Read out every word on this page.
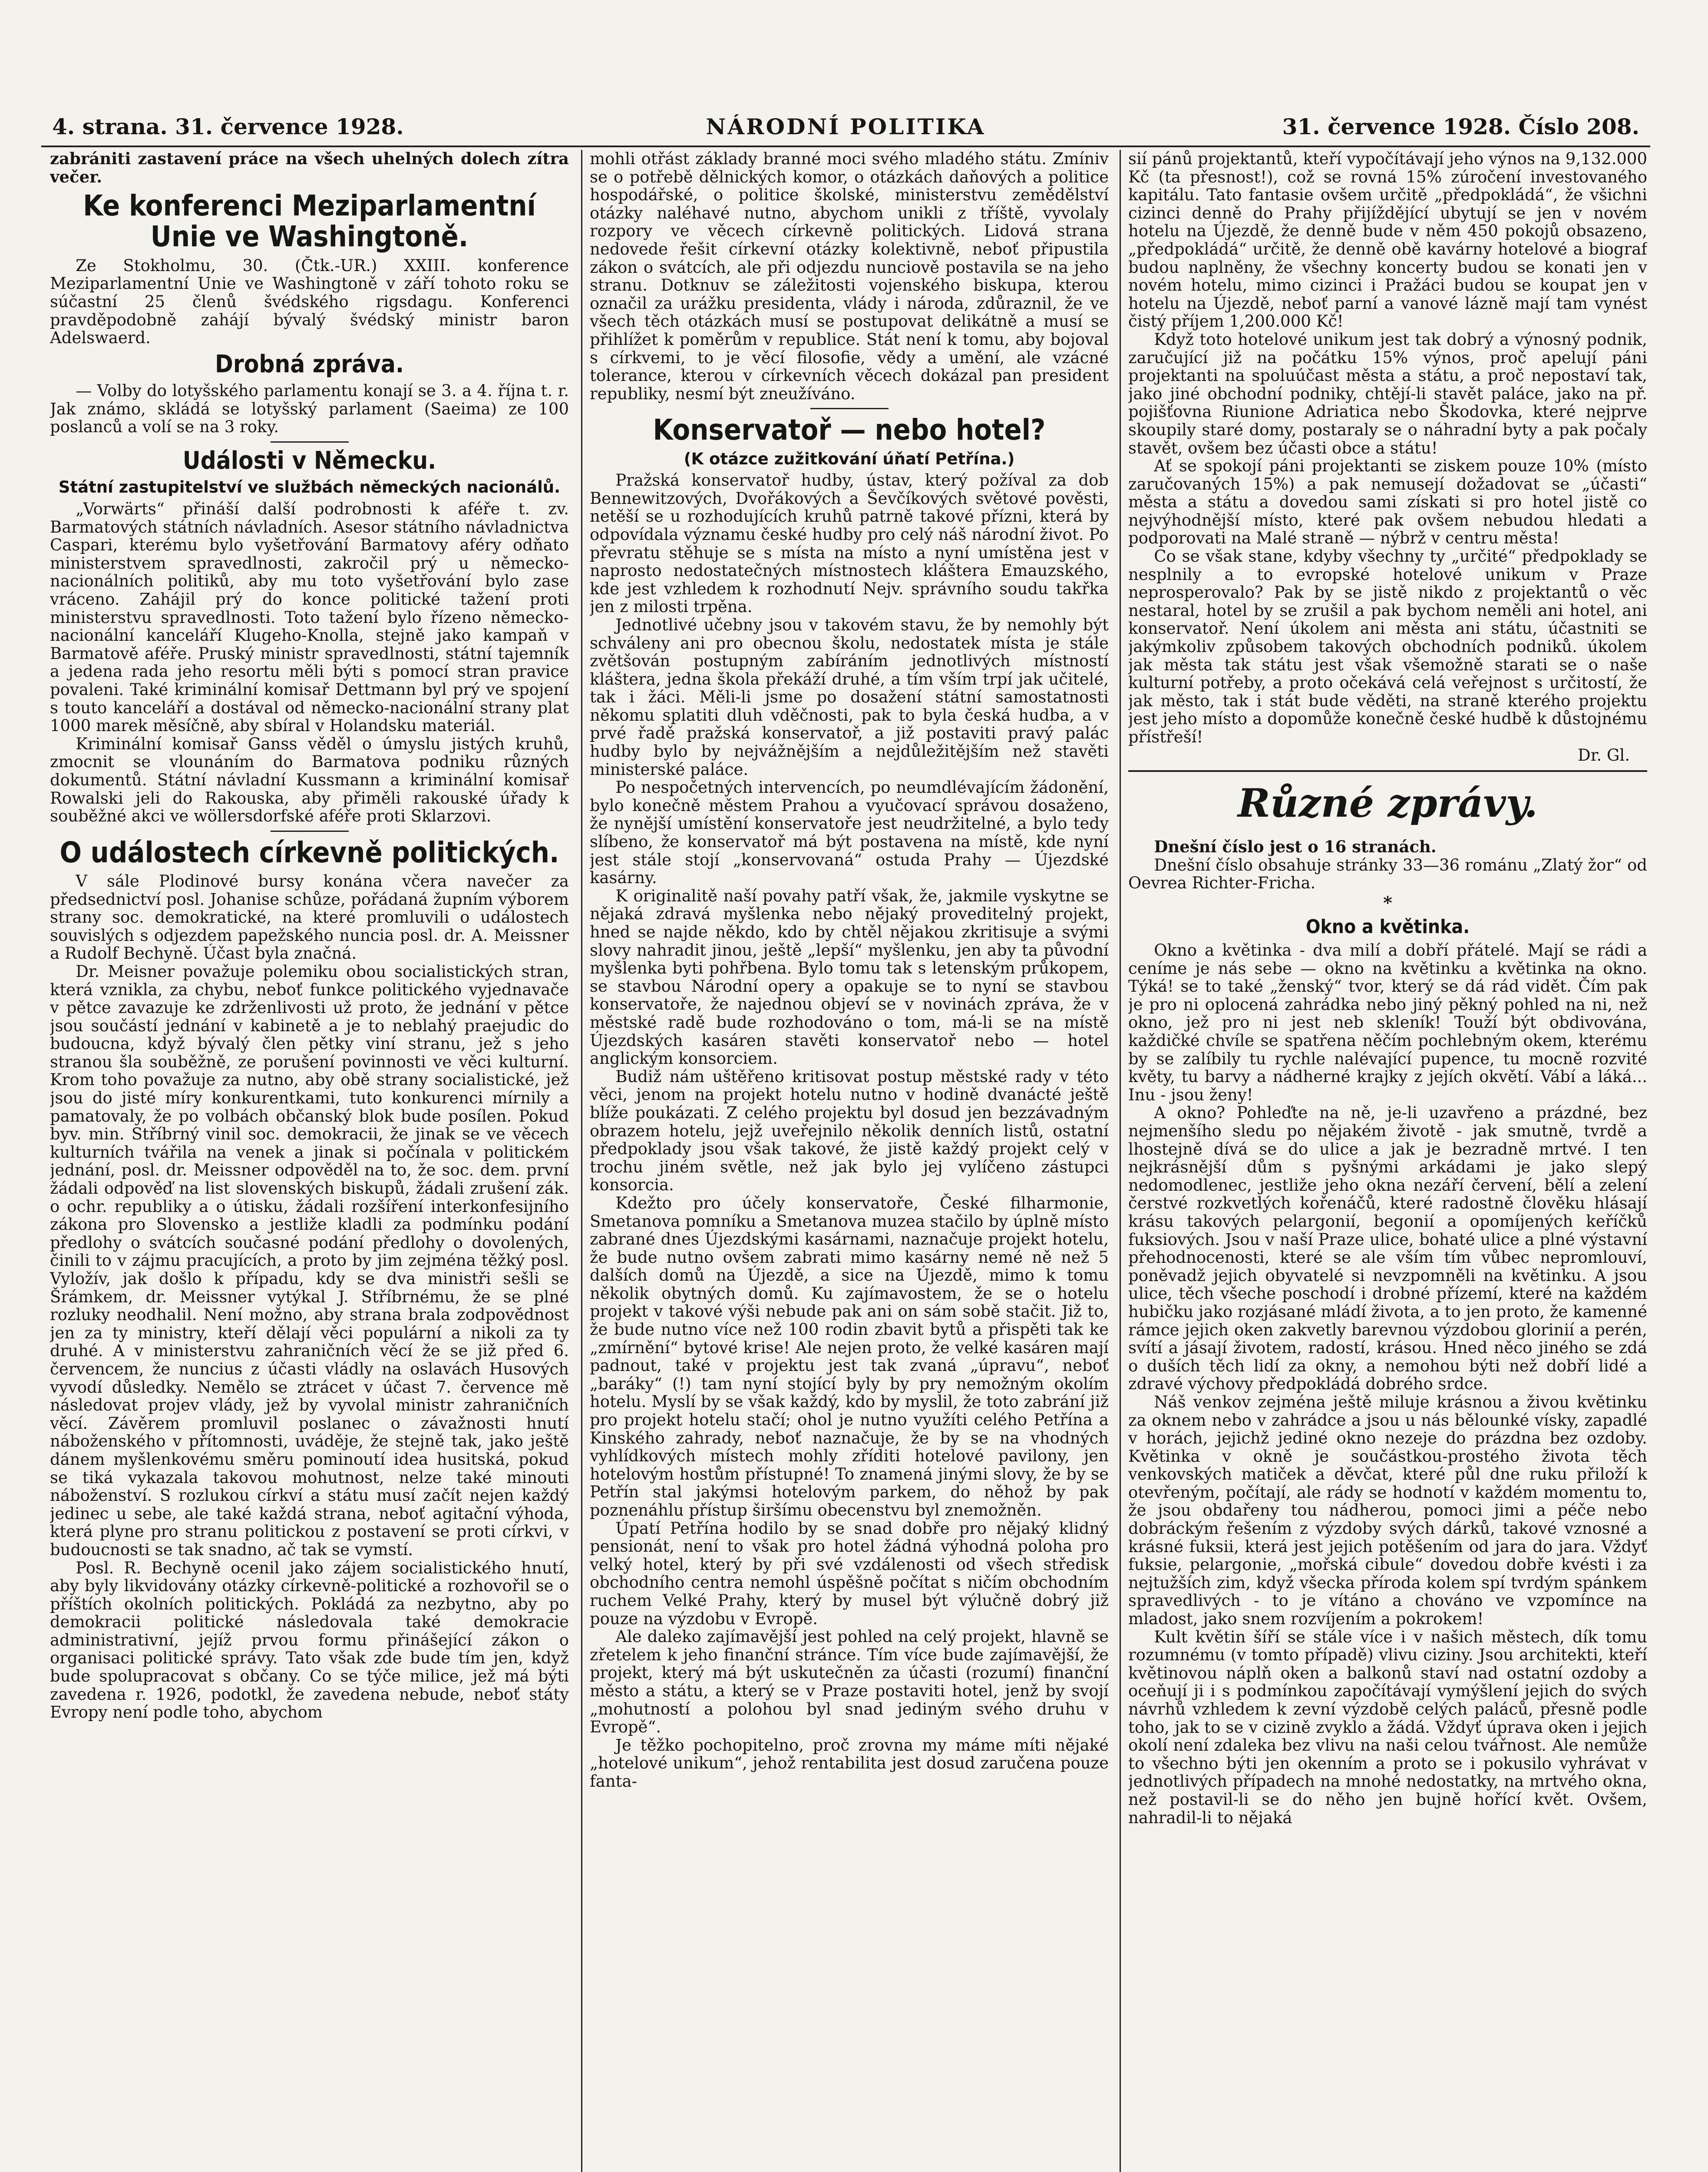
4. strana. 31. července 1928.	NÁRODNÍ POLITIKA	31. července 1928. Číslo 208.

zabrániti zastavení práce na všech uhelných dolech zítra večer.

Ke konferenci Meziparlamentní Unie ve Washingtoně.

Ze Stokholmu, 30. (Čtk.-UR.) XXIII. konference Meziparlamentní Unie ve Washingtoně v září tohoto roku se súčastní 25 členů švédského rigsdagu. Konferenci pravděpodobně zahájí bývalý švédský ministr baron Adelswaerd.

Drobná zpráva.

— Volby do lotyšského parlamentu konají se 3. a 4. října t. r. Jak známo, skládá se lotyšský parlament (Saeima) ze 100 poslanců a volí se na 3 roky.

Události v Německu.
Státní zastupitelství ve službách německých nacionálů.

„Vorwärts“ přináší další podrobnosti k aféře t. zv. Barmatových státních návladních. Asesor státního návladnictva Caspari, kterému bylo vyšetřování Barmatovy aféry odňato ministerstvem spravedlnosti, zakročil prý u německo-nacionálních politiků, aby mu toto vyšetřování bylo zase vráceno. Zahájil prý do konce politické tažení proti ministerstvu spravedlnosti. Toto tažení bylo řízeno německo-nacionální kanceláří Klugeho-Knolla, stejně jako kampaň v Barmatově aféře. Pruský ministr spravedlnosti, státní tajemník a jedena rada jeho resortu měli býti s pomocí stran pravice povaleni. Také kriminální komisař Dettmann byl prý ve spojení s touto kanceláří a dostával od německo-nacionální strany plat 1000 marek měsíčně, aby sbíral v Holandsku materiál.

Kriminální komisař Ganss věděl o úmyslu jistých kruhů, zmocnit se vlounáním do Barmatova podniku různých dokumentů. Státní návladní Kussmann a kriminální komisař Rowalski jeli do Rakouska, aby přiměli rakouské úřady k souběžné akci ve wöllersdorfské aféře proti Sklarzovi.

O událostech církevně politických.

V sále Plodinové bursy konána včera navečer za předsednictví posl. Johanise schůze, pořádaná župním výborem strany soc. demokratické, na které promluvili o událostech souvislých s odjezdem papežského nuncia posl. dr. A. Meissner a Rudolf Bechyně. Účast byla značná.

Dr. Meisner považuje polemiku obou socialistických stran, která vznikla, za chybu, neboť funkce politického vyjednavače v pětce zavazuje ke zdrženlivosti už proto, že jednání v pětce jsou součástí jednání v kabinetě a je to neblahý praejudic do budoucna, když bývalý člen pětky viní stranu, jež s jeho stranou šla souběžně, ze porušení povinnosti ve věci kulturní. Krom toho považuje za nutno, aby obě strany socialistické, jež jsou do jisté míry konkurentkami, tuto konkurenci mírnily a pamatovaly, že po volbách občanský blok bude posílen. Pokud byv. min. Stříbrný vinil soc. demokracii, že jinak se ve věcech kulturních tvářila na venek a jinak si počínala v politickém jednání, posl. dr. Meissner odpověděl na to, že soc. dem. první žádali odpověď na list slovenských biskupů, žádali zrušení zák. o ochr. republiky a o útisku, žádali rozšíření interkonfesijního zákona pro Slovensko a jestliže kladli za podmínku podání předlohy o svátcích současné podání předlohy o dovolených, činili to v zájmu pracujících, a proto by jim zejména těžký posl. Vyložív, jak došlo k případu, kdy se dva ministři sešli se Šrámkem, dr. Meissner vytýkal J. Stříbrnému, že se plné rozluky neodhalil. Není možno, aby strana brala zodpovědnost jen za ty ministry, kteří dělají věci populární a nikoli za ty druhé. A v ministerstvu zahraničních věcí že se již před 6. červencem, že nuncius z účasti vládly na oslavách Husových vyvodí důsledky. Nemělo se ztrácet v účast 7. července mě následovat projev vlády, jež by vyvolal ministr zahraničních věcí. Závěrem promluvil poslanec o závažnosti hnutí náboženského v přítomnosti, uváděje, že stejně tak, jako ještě dánem myšlenkovému směru pominoutí idea husitská, pokud se tiká vykazala takovou mohutnost, nelze také minouti náboženství. S rozlukou církví a státu musí začít nejen každý jedinec u sebe, ale také každá strana, neboť agitační výhoda, která plyne pro stranu politickou z postavení se proti církvi, v budoucnosti se tak snadno, ač tak se vymstí.

Posl. R. Bechyně ocenil jako zájem socialistického hnutí, aby byly likvidovány otázky církevně-politické a rozhovořil se o příštích okolních politických. Pokládá za nezbytno, aby po demokracii politické následovala také demokracie administrativní, jejíž prvou formu přinášející zákon o organisaci politické správy. Tato však zde bude tím jen, když bude spolupracovat s občany. Co se týče milice, jež má býti zavedena r. 1926, podotkl, že zavedena nebude, neboť státy Evropy není podle toho, abychom

mohli otřást základy branné moci svého mladého státu. Zmíniv se o potřebě dělnických komor, o otázkách daňových a politice hospodářské, o politice školské, ministerstvu zemědělství otázky naléhavé nutno, abychom unikli z tříště, vyvolaly rozpory ve věcech církevně politických. Lidová strana nedovede řešit církevní otázky kolektivně, neboť připustila zákon o svátcích, ale při odjezdu nunciově postavila se na jeho stranu. Dotknuv se záležitosti vojenského biskupa, kterou označil za urážku presidenta, vlády i národa, zdůraznil, že ve všech těch otázkách musí se postupovat delikátně a musí se přihlížet k poměrům v republice. Stát není k tomu, aby bojoval s církvemi, to je věcí filosofie, vědy a umění, ale vzácné tolerance, kterou v církevních věcech dokázal pan president republiky, nesmí být zneužíváno.

Konservatoř — nebo hotel?
(K otázce zužitkování úňatí Petřína.)

Pražská konservatoř hudby, ústav, který požíval za dob Bennewitzových, Dvořákových a Ševčíkových světové pověsti, netěší se u rozhodujících kruhů patrně takové přízni, která by odpovídala významu české hudby pro celý náš národní život. Po převratu stěhuje se s místa na místo a nyní umístěna jest v naprosto nedostatečných místnostech kláštera Emauzského, kde jest vzhledem k rozhodnutí Nejv. správního soudu takřka jen z milosti trpěna.

Jednotlivé učebny jsou v takovém stavu, že by nemohly být schváleny ani pro obecnou školu, nedostatek místa je stále zvětšován postupným zabíráním jednotlivých místností kláštera, jedna škola překáží druhé, a tím vším trpí jak učitelé, tak i žáci. Měli-li jsme po dosažení státní samostatnosti někomu splatiti dluh vděčnosti, pak to byla česká hudba, a v prvé řadě pražská konservatoř, a již postaviti pravý palác hudby bylo by nejvážnějším a nejdůležitějším než stavěti ministerské paláce.

Po nespočetných intervencích, po neumdlévajícím žádonění, bylo konečně městem Prahou a vyučovací správou dosaženo, že nynější umístění konservatoře jest neudržitelné, a bylo tedy slíbeno, že konservatoř má být postavena na místě, kde nyní jest stále stojí „konservovaná“ ostuda Prahy — Újezdské kasárny.

K originalitě naší povahy patří však, že, jakmile vyskytne se nějaká zdravá myšlenka nebo nějaký proveditelný projekt, hned se najde někdo, kdo by chtěl nějakou zkritisuje a svými slovy nahradit jinou, ještě „lepší“ myšlenku, jen aby ta původní myšlenka byti pohřbena. Bylo tomu tak s letenským průkopem, se stavbou Národní opery a opakuje se to nyní se stavbou konservatoře, že najednou objeví se v novinách zpráva, že v městské radě bude rozhodováno o tom, má-li se na místě Újezdských kasáren stavěti konservatoř nebo — hotel anglickým konsorciem.

Budiž nám uštěřeno kritisovat postup městské rady v této věci, jenom na projekt hotelu nutno v hodině dvanácté ještě blíže poukázati. Z celého projektu byl dosud jen bezzávadným obrazem hotelu, jejž uveřejnilo několik denních listů, ostatní předpoklady jsou však takové, že jistě každý projekt celý v trochu jiném světle, než jak bylo jej vylíčeno zástupci konsorcia.

Kdežto pro účely konservatoře, České filharmonie, Smetanova pomníku a Smetanova muzea stačilo by úplně místo zabrané dnes Újezdskými kasárnami, naznačuje projekt hotelu, že bude nutno ovšem zabrati mimo kasárny nemé ně než 5 dalších domů na Újezdě, a sice na Újezdě, mimo k tomu několik obytných domů. Ku zajímavostem, že se o hotelu projekt v takové výši nebude pak ani on sám sobě stačit. Již to, že bude nutno více než 100 rodin zbavit bytů a přispěti tak ke „zmírnění“ bytové krise! Ale nejen proto, že velké kasáren mají padnout, také v projektu jest tak zvaná „úpravu“, neboť „baráky“ (!) tam nyní stojící byly by pry nemožným okolím hotelu. Myslí by se však každý, kdo by myslil, že toto zabrání již pro projekt hotelu stačí; ohol je nutno využíti celého Petřína a Kinského zahrady, neboť naznačuje, že by se na vhodných vyhlídkových místech mohly zříditi hotelové pavilony, jen hotelovým hostům přístupné! To znamená jinými slovy, že by se Petřín stal jakýmsi hotelovým parkem, do něhož by pak poznenáhlu přístup širšímu obecenstvu byl znemožněn.

Úpatí Petřína hodilo by se snad dobře pro nějaký klidný pensionát, není to však pro hotel žádná výhodná poloha pro velký hotel, který by při své vzdálenosti od všech středisk obchodního centra nemohl úspěšně počítat s ničím obchodním ruchem Velké Prahy, který by musel být výlučně dobrý již pouze na výzdobu v Evropě.

Ale daleko zajímavější jest pohled na celý projekt, hlavně se zřetelem k jeho finanční stránce. Tím více bude zajímavější, že projekt, který má být uskutečněn za účasti (rozumí) finanční město a státu, a který se v Praze postaviti hotel, jenž by svojí „mohutností a polohou byl snad jediným svého druhu v Evropě“.

Je těžko pochopitelno, proč zrovna my máme míti nějaké „hotelové unikum“, jehož rentabilita jest dosud zaručena pouze fanta-

sií pánů projektantů, kteří vypočítávají jeho výnos na 9,132.000 Kč (ta přesnost!), což se rovná 15% zúročení investovaného kapitálu. Tato fantasie ovšem určitě „předpokládá“, že všichni cizinci denně do Prahy přijíždějící ubytují se jen v novém hotelu na Újezdě, že denně bude v něm 450 pokojů obsazeno, „předpokládá“ určitě, že denně obě kavárny hotelové a biograf budou naplněny, že všechny koncerty budou se konati jen v novém hotelu, mimo cizinci i Pražáci budou se koupat jen v hotelu na Újezdě, neboť parní a vanové lázně mají tam vynést čistý příjem 1,200.000 Kč!

Když toto hotelové unikum jest tak dobrý a výnosný podnik, zaručující již na počátku 15% výnos, proč apelují páni projektanti na spoluúčast města a státu, a proč nepostaví tak, jako jiné obchodní podniky, chtějí-li stavět paláce, jako na př. pojišťovna Riunione Adriatica nebo Škodovka, které nejprve skoupily staré domy, postaraly se o náhradní byty a pak počaly stavět, ovšem bez účasti obce a státu!

Ať se spokojí páni projektanti se ziskem pouze 10% (místo zaručovaných 15%) a pak nemusejí dožadovat se „účasti“ města a státu a dovedou sami získati si pro hotel jistě co nejvýhodnější místo, které pak ovšem nebudou hledati a podporovati na Malé straně — nýbrž v centru města!

Co se však stane, kdyby všechny ty „určité“ předpoklady se nesplnily a to evropské hotelové unikum v Praze neprosperovalo? Pak by se jistě nikdo z projektantů o věc nestaral, hotel by se zrušil a pak bychom neměli ani hotel, ani konservatoř. Není úkolem ani města ani státu, účastniti se jakýmkoliv způsobem takových obchodních podniků. úkolem jak města tak státu jest však všemožně starati se o naše kulturní potřeby, a proto očekává celá veřejnost s určitostí, že jak město, tak i stát bude věděti, na straně kterého projektu jest jeho místo a dopomůže konečně české hudbě k důstojnému přístřeší!

Dr. Gl.
Různé zprávy.

Dnešní číslo jest o 16 stranách.

Dnešní číslo obsahuje stránky 33—36 románu „Zlatý žor“ od Oevrea Richter-Fricha.

*
Okno a květinka.

Okno a květinka - dva milí a dobří přátelé. Mají se rádi a ceníme je nás sebe — okno na květinku a květinka na okno. Týká! se to také „ženský“ tvor, který se dá rád vidět. Čím pak je pro ni oplocená zahrádka nebo jiný pěkný pohled na ni, než okno, jež pro ni jest neb skleník! Touží být obdivována, každičké chvíle se spatřena něčím pochlebným okem, kterému by se zalíbily tu rychle nalévající pupence, tu mocně rozvité květy, tu barvy a nádherné krajky z jejích okvětí. Vábí a láká... Inu - jsou ženy!

A okno? Pohleďte na ně, je-li uzavřeno a prázdné, bez nejmenšího sledu po nějakém životě - jak smutně, tvrdě a lhostejně dívá se do ulice a jak je bezradně mrtvé. I ten nejkrásnější dům s pyšnými arkádami je jako slepý nedomodlenec, jestliže jeho okna nezáří červení, bělí a zelení čerstvé rozkvetlých kořenáčů, které radostně člověku hlásají krásu takových pelargonií, begonií a opomíjených keříčků fuksiových. Jsou v naší Praze ulice, bohaté ulice a plné výstavní přehodnocenosti, které se ale vším tím vůbec nepromlouví, poněvadž jejich obyvatelé si nevzpomněli na květinku. A jsou ulice, těch všeche poschodí i drobné přízemí, které na každém hubičku jako rozjásané mládí života, a to jen proto, že kamenné rámce jejich oken zakvetly barevnou výzdobou glorinií a perén, svítí a jásají životem, radostí, krásou. Hned něco jiného se zdá o duších těch lidí za okny, a nemohou býti než dobří lidé a zdravé výchovy předpokládá dobrého srdce.

Náš venkov zejména ještě miluje krásnou a živou květinku za oknem nebo v zahrádce a jsou u nás bělounké vísky, zapadlé v horách, jejichž jediné okno nezeje do prázdna bez ozdoby. Květinka v okně je součástkou-prostého života těch venkovských matiček a děvčat, které půl dne ruku přiloží k otevřeným, počítají, ale rády se hodnotí v každém momentu to, že jsou obdařeny tou nádherou, pomoci jimi a péče nebo dobráckým řešením z výzdoby svých dárků, takové vznosné a krásné fuksii, která jest jejich potěšením od jara do jara. Vždyť fuksie, pelargonie, „mořská cibule“ dovedou dobře kvésti i za nejtužších zim, když všecka příroda kolem spí tvrdým spánkem spravedlivých - to je vítáno a chováno ve vzpomínce na mladost, jako snem rozvíjením a pokrokem!

Kult květin šíří se stále více i v našich městech, dík tomu rozumnému (v tomto případě) vlivu ciziny. Jsou architekti, kteří květinovou náplň oken a balkonů staví nad ostatní ozdoby a oceňují ji i s podmínkou započítávají vymýšlení jejich do svých návrhů vzhledem k zevní výzdobě celých paláců, přesně podle toho, jak to se v cizině zvyklo a žádá. Vždyť úprava oken i jejich okolí není zdaleka bez vlivu na naši celou tvářnost. Ale nemůže to všechno býti jen okenním a proto se i pokusilo vyhrávat v jednotlivých případech na mnohé nedostatky, na mrtvého okna, než postavil-li se do něho jen bujně hořící květ. Ovšem, nahradil-li to nějaká
